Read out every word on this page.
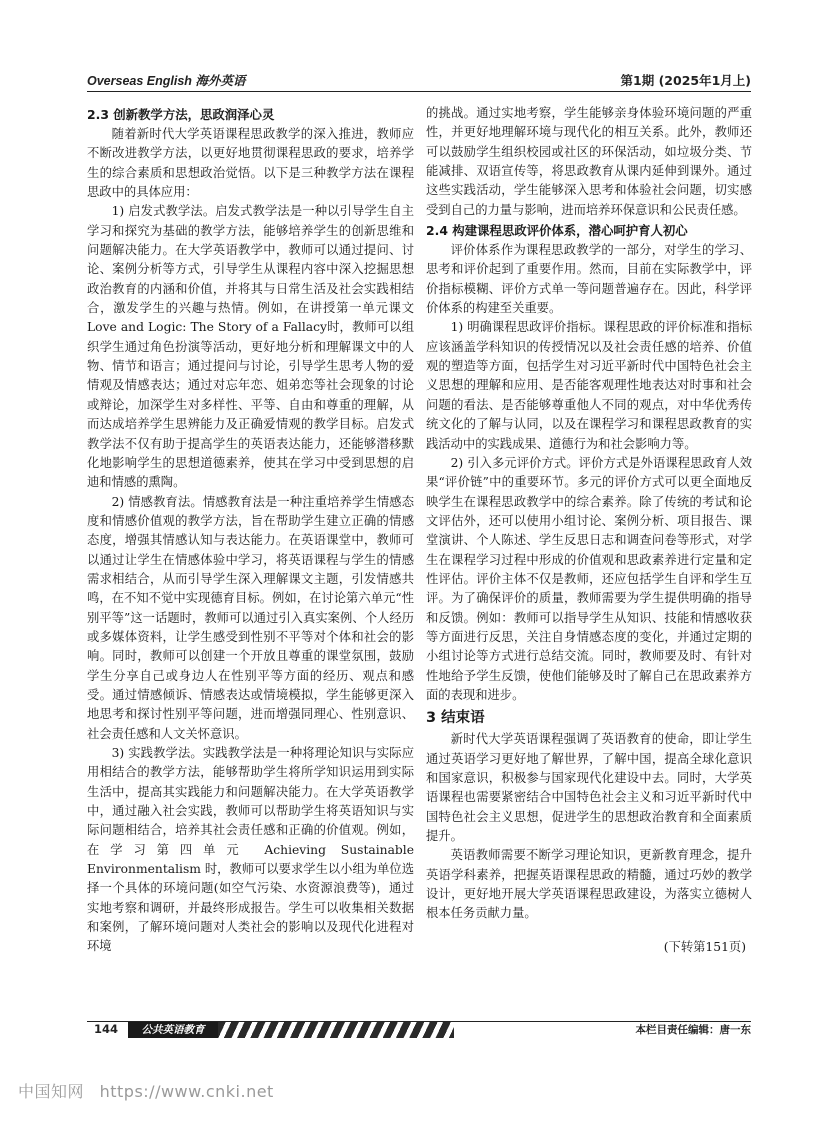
Overseas English 海外英语	第1期 (2025年1月上)
2.3 创新教学方法，思政润泽心灵

随着新时代大学英语课程思政教学的深入推进，教师应不断改进教学方法，以更好地贯彻课程思政的要求，培养学生的综合素质和思想政治觉悟。以下是三种教学方法在课程思政中的具体应用：

1) 启发式教学法。启发式教学法是一种以引导学生自主学习和探究为基础的教学方法，能够培养学生的创新思维和问题解决能力。在大学英语教学中，教师可以通过提问、讨论、案例分析等方式，引导学生从课程内容中深入挖掘思想政治教育的内涵和价值，并将其与日常生活及社会实践相结合，激发学生的兴趣与热情。例如，在讲授第一单元课文 Love and Logic: The Story of a Fallacy时，教师可以组织学生通过角色扮演等活动，更好地分析和理解课文中的人物、情节和语言；通过提问与讨论，引导学生思考人物的爱情观及情感表达；通过对忘年恋、姐弟恋等社会现象的讨论或辩论，加深学生对多样性、平等、自由和尊重的理解，从而达成培养学生思辨能力及正确爱情观的教学目标。启发式教学法不仅有助于提高学生的英语表达能力，还能够潜移默化地影响学生的思想道德素养，使其在学习中受到思想的启迪和情感的熏陶。

2) 情感教育法。情感教育法是一种注重培养学生情感态度和情感价值观的教学方法，旨在帮助学生建立正确的情感态度，增强其情感认知与表达能力。在英语课堂中，教师可以通过让学生在情感体验中学习，将英语课程与学生的情感需求相结合，从而引导学生深入理解课文主题，引发情感共鸣，在不知不觉中实现德育目标。例如，在讨论第六单元“性别平等”这一话题时，教师可以通过引入真实案例、个人经历或多媒体资料，让学生感受到性别不平等对个体和社会的影响。同时，教师可以创建一个开放且尊重的课堂氛围，鼓励学生分享自己或身边人在性别平等方面的经历、观点和感受。通过情感倾诉、情感表达或情境模拟，学生能够更深入地思考和探讨性别平等问题，进而增强同理心、性别意识、社会责任感和人文关怀意识。

3) 实践教学法。实践教学法是一种将理论知识与实际应用相结合的教学方法，能够帮助学生将所学知识运用到实际生活中，提高其实践能力和问题解决能力。在大学英语教学中，通过融入社会实践，教师可以帮助学生将英语知识与实际问题相结合，培养其社会责任感和正确的价值观。例如，在学习第四单元 Achieving Sustainable Environmentalism 时，教师可以要求学生以小组为单位选择一个具体的环境问题(如空气污染、水资源浪费等)，通过实地考察和调研，并最终形成报告。学生可以收集相关数据和案例，了解环境问题对人类社会的影响以及现代化进程对环境

的挑战。通过实地考察，学生能够亲身体验环境问题的严重性，并更好地理解环境与现代化的相互关系。此外，教师还可以鼓励学生组织校园或社区的环保活动，如垃圾分类、节能减排、双语宣传等，将思政教育从课内延伸到课外。通过这些实践活动，学生能够深入思考和体验社会问题，切实感受到自己的力量与影响，进而培养环保意识和公民责任感。

2.4 构建课程思政评价体系，潜心呵护育人初心

评价体系作为课程思政教学的一部分，对学生的学习、思考和评价起到了重要作用。然而，目前在实际教学中，评价指标模糊、评价方式单一等问题普遍存在。因此，科学评价体系的构建至关重要。

1) 明确课程思政评价指标。课程思政的评价标准和指标应该涵盖学科知识的传授情况以及社会责任感的培养、价值观的塑造等方面，包括学生对习近平新时代中国特色社会主义思想的理解和应用、是否能客观理性地表达对时事和社会问题的看法、是否能够尊重他人不同的观点，对中华优秀传统文化的了解与认同，以及在课程学习和课程思政教育的实践活动中的实践成果、道德行为和社会影响力等。

2) 引入多元评价方式。评价方式是外语课程思政育人效果“评价链”中的重要环节。多元的评价方式可以更全面地反映学生在课程思政教学中的综合素养。除了传统的考试和论文评估外，还可以使用小组讨论、案例分析、项目报告、课堂演讲、个人陈述、学生反思日志和调查问卷等形式，对学生在课程学习过程中形成的价值观和思政素养进行定量和定性评估。评价主体不仅是教师，还应包括学生自评和学生互评。为了确保评价的质量，教师需要为学生提供明确的指导和反馈。例如：教师可以指导学生从知识、技能和情感收获等方面进行反思，关注自身情感态度的变化，并通过定期的小组讨论等方式进行总结交流。同时，教师要及时、有针对性地给予学生反馈，使他们能够及时了解自己在思政素养方面的表现和进步。

3 结束语

新时代大学英语课程强调了英语教育的使命，即让学生通过英语学习更好地了解世界，了解中国，提高全球化意识和国家意识，积极参与国家现代化建设中去。同时，大学英语课程也需要紧密结合中国特色社会主义和习近平新时代中国特色社会主义思想，促进学生的思想政治教育和全面素质提升。

英语教师需要不断学习理论知识，更新教育理念，提升英语学科素养，把握英语课程思政的精髓，通过巧妙的教学设计，更好地开展大学英语课程思政建设，为落实立德树人根本任务贡献力量。

(下转第151页)

144	公共英语教育	本栏目责任编辑：唐一东
中国知网 https://www.cnki.net
